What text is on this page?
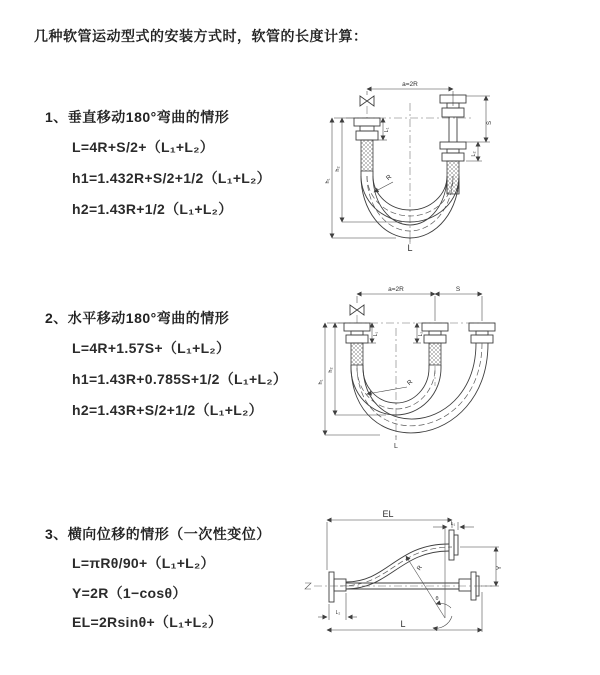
几种软管运动型式的安装方式时，软管的长度计算：
1、垂直移动180°弯曲的情形
L=4R+S/2+（L₁+L₂）
h1=1.432R+S/2+1/2（L₁+L₂）
h2=1.43R+1/2（L₁+L₂）
2、水平移动180°弯曲的情形
L=4R+1.57S+（L₁+L₂）
h1=1.43R+0.785S+1/2（L₁+L₂）
h2=1.43R+S/2+1/2（L₁+L₂）
3、横向位移的情形（一次性变位）
L=πRθ/90+（L₁+L₂）
Y=2R（1−cosθ）
EL=2Rsinθ+（L₁+L₂）
a=2R
S
L₂
L₁
h₁
h₂
R
L
a=2R	S
L₁	L₂
h₁
h₂
R
L
EL
L₁
Y
θ
R
L₂
L
